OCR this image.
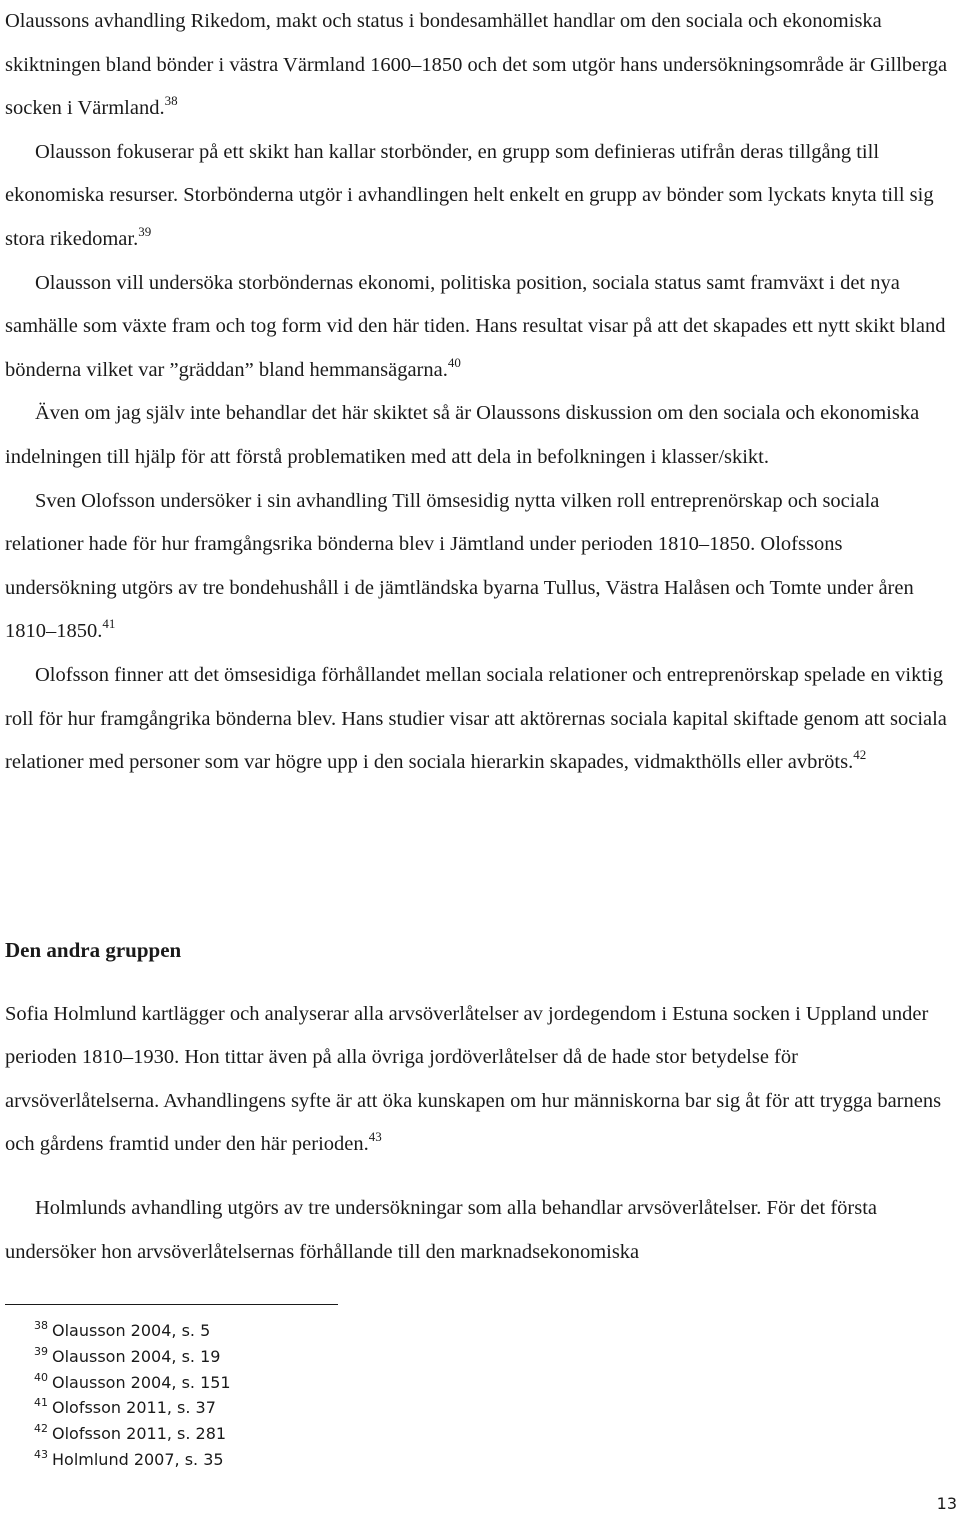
Olaussons avhandling Rikedom, makt och status i bondesamhället handlar om den sociala och ekonomiska skiktningen bland bönder i västra Värmland 1600–1850 och det som utgör hans undersökningsområde är Gillberga socken i Värmland.$^{38}$

Olausson fokuserar på ett skikt han kallar storbönder, en grupp som definieras utifrån deras tillgång till ekonomiska resurser. Storbönderna utgör i avhandlingen helt enkelt en grupp av bönder som lyckats knyta till sig stora rikedomar.$^{39}$

Olausson vill undersöka storböndernas ekonomi, politiska position, sociala status samt framväxt i det nya samhälle som växte fram och tog form vid den här tiden. Hans resultat visar på att det skapades ett nytt skikt bland bönderna vilket var ”gräddan” bland hemmansägarna.$^{40}$

Även om jag själv inte behandlar det här skiktet så är Olaussons diskussion om den sociala och ekonomiska indelningen till hjälp för att förstå problematiken med att dela in befolkningen i klasser/skikt.

Sven Olofsson undersöker i sin avhandling Till ömsesidig nytta vilken roll entreprenörskap och sociala relationer hade för hur framgångsrika bönderna blev i Jämtland under perioden 1810–1850. Olofssons undersökning utgörs av tre bondehushåll i de jämtländska byarna Tullus, Västra Halåsen och Tomte under åren 1810–1850.41

Olofsson finner att det ömsesidiga förhållandet mellan sociala relationer och entreprenörskap spelade en viktig roll för hur framgångrika bönderna blev. Hans studier visar att aktörernas sociala kapital skiftade genom att sociala relationer med personer som var högre upp i den sociala hierarkin skapades, vidmakthölls eller avbröts.$^{42}$

Den andra gruppen

Sofia Holmlund kartlägger och analyserar alla arvsöverlåtelser av jordegendom i Estuna socken i Uppland under perioden 1810–1930. Hon tittar även på alla övriga jordöverlåtelser då de hade stor betydelse för arvsöverlåtelserna. Avhandlingens syfte är att öka kunskapen om hur människorna bar sig åt för att trygga barnens och gårdens framtid under den här perioden.$^{43}$

Holmlunds avhandling utgörs av tre undersökningar som alla behandlar arvsöverlåtelser. För det första undersöker hon arvsöverlåtelsernas förhållande till den marknadsekonomiska

$^{38}$ Olausson 2004, s. 5
$^{39}$ Olausson 2004, s. 19
$^{40}$ Olausson 2004, s. 151
$^{41}$ Olofsson 2011, s. 37
$^{42}$ Olofsson 2011, s. 281
$^{43}$ Holmlund 2007, s. 35
13
